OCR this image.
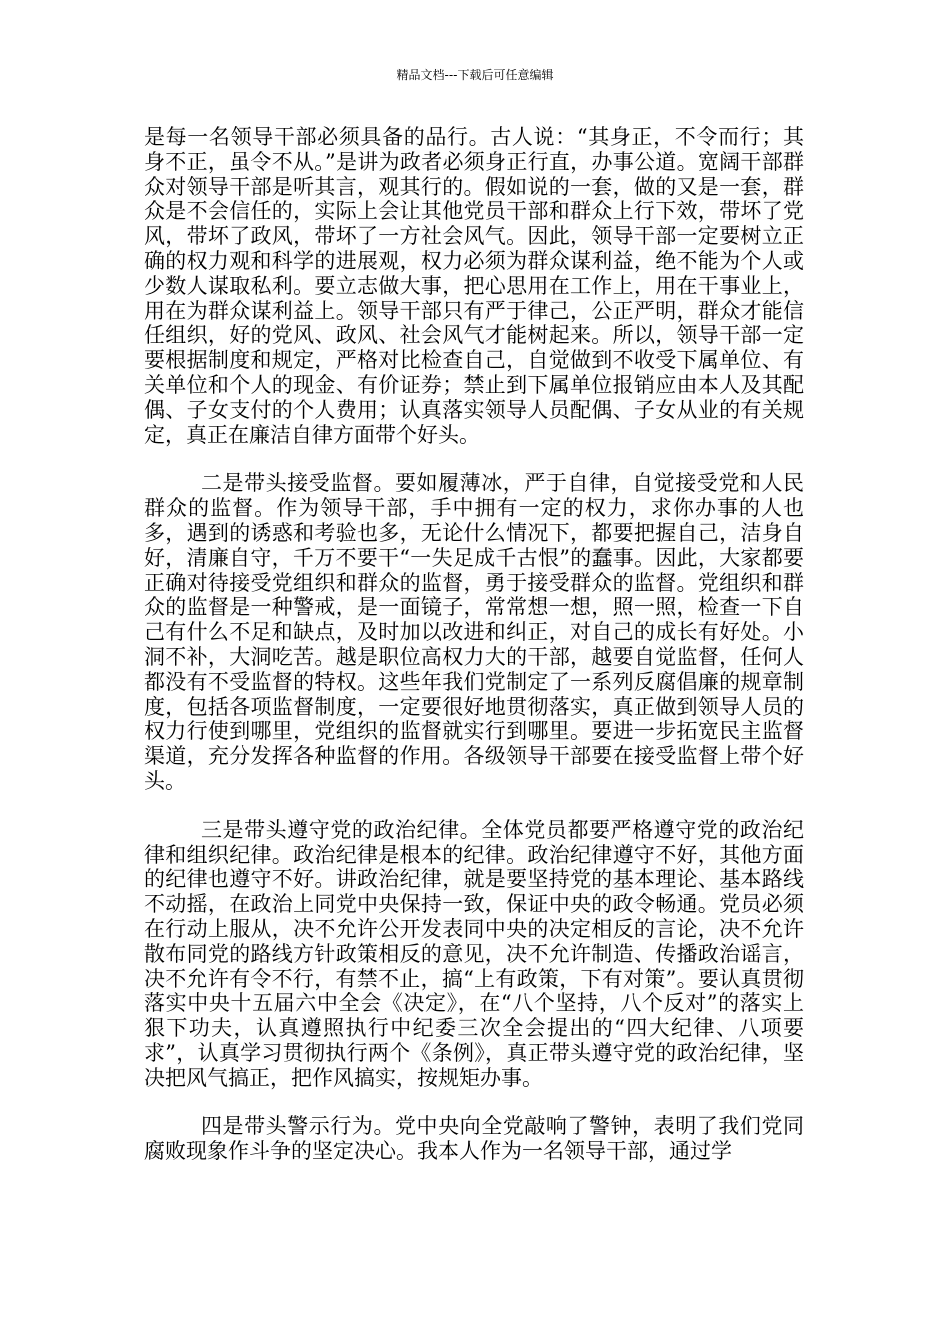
精品文档---下载后可任意编辑

是每一名领导干部必须具备的品行。古人说：“其身正，不令而行；其身不正，虽令不从。”是讲为政者必须身正行直，办事公道。宽阔干部群众对领导干部是听其言，观其行的。假如说的一套，做的又是一套，群众是不会信任的，实际上会让其他党员干部和群众上行下效，带坏了党风，带坏了政风，带坏了一方社会风气。因此，领导干部一定要树立正确的权力观和科学的进展观，权力必须为群众谋利益，绝不能为个人或少数人谋取私利。要立志做大事，把心思用在工作上，用在干事业上，用在为群众谋利益上。领导干部只有严于律己，公正严明，群众才能信任组织，好的党风、政风、社会风气才能树起来。所以，领导干部一定要根据制度和规定，严格对比检查自己，自觉做到不收受下属单位、有关单位和个人的现金、有价证券；禁止到下属单位报销应由本人及其配偶、子女支付的个人费用；认真落实领导人员配偶、子女从业的有关规定，真正在廉洁自律方面带个好头。

二是带头接受监督。要如履薄冰，严于自律，自觉接受党和人民群众的监督。作为领导干部，手中拥有一定的权力，求你办事的人也多，遇到的诱惑和考验也多，无论什么情况下，都要把握自己，洁身自好，清廉自守，千万不要干“一失足成千古恨”的蠢事。因此，大家都要正确对待接受党组织和群众的监督，勇于接受群众的监督。党组织和群众的监督是一种警戒，是一面镜子，常常想一想，照一照，检查一下自己有什么不足和缺点，及时加以改进和纠正，对自己的成长有好处。小洞不补，大洞吃苦。越是职位高权力大的干部，越要自觉监督，任何人都没有不受监督的特权。这些年我们党制定了一系列反腐倡廉的规章制度，包括各项监督制度，一定要很好地贯彻落实，真正做到领导人员的权力行使到哪里，党组织的监督就实行到哪里。要进一步拓宽民主监督渠道，充分发挥各种监督的作用。各级领导干部要在接受监督上带个好头。

三是带头遵守党的政治纪律。全体党员都要严格遵守党的政治纪律和组织纪律。政治纪律是根本的纪律。政治纪律遵守不好，其他方面的纪律也遵守不好。讲政治纪律，就是要坚持党的基本理论、基本路线不动摇，在政治上同党中央保持一致，保证中央的政令畅通。党员必须在行动上服从，决不允许公开发表同中央的决定相反的言论，决不允许散布同党的路线方针政策相反的意见，决不允许制造、传播政治谣言，决不允许有令不行，有禁不止，搞“上有政策，下有对策”。要认真贯彻落实中央十五届六中全会《决定》，在“八个坚持，八个反对”的落实上狠下功夫，认真遵照执行中纪委三次全会提出的“四大纪律、八项要求”，认真学习贯彻执行两个《条例》，真正带头遵守党的政治纪律，坚决把风气搞正，把作风搞实，按规矩办事。

四是带头警示行为。党中央向全党敲响了警钟，表明了我们党同腐败现象作斗争的坚定决心。我本人作为一名领导干部，通过学
